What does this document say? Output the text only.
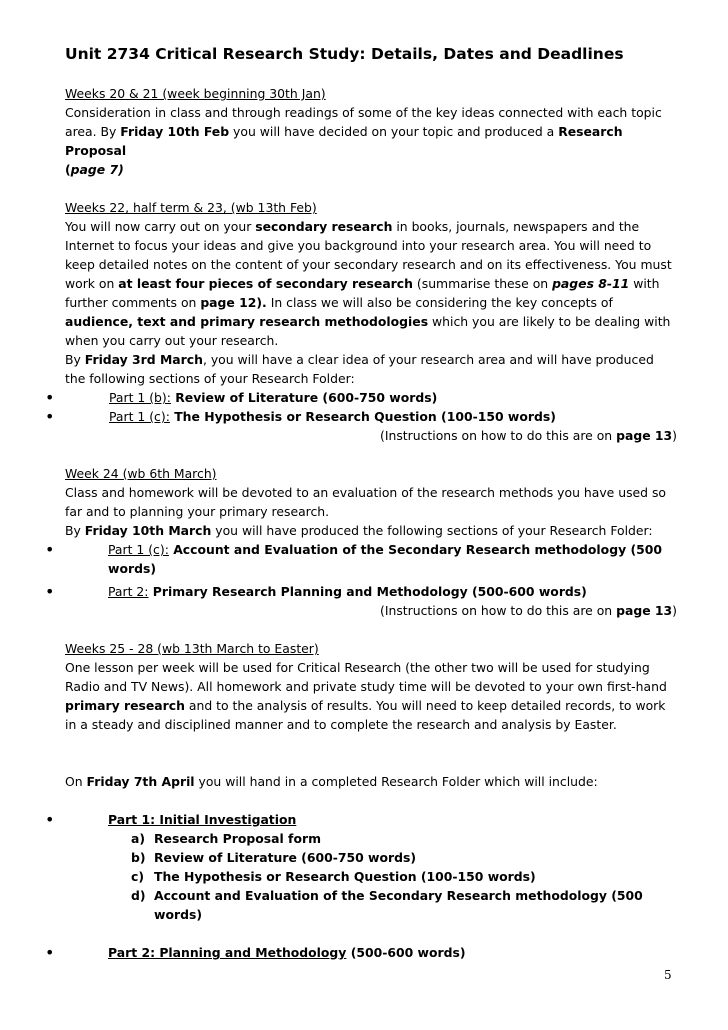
Unit 2734 Critical Research Study: Details, Dates and Deadlines

Weeks 20 & 21 (week beginning 30th Jan)

Consideration in class and through readings of some of the key ideas connected with each topic area. By Friday 10th Feb you will have decided on your topic and produced a Research Proposal
(page 7)

Weeks 22, half term & 23, (wb 13th Feb)

You will now carry out on your secondary research in books, journals, newspapers and the Internet to focus your ideas and give you background into your research area. You will need to keep detailed notes on the content of your secondary research and on its effectiveness. You must work on at least four pieces of secondary research (summarise these on pages 8-11 with further comments on page 12). In class we will also be considering the key concepts of audience, text and primary research methodologies which you are likely to be dealing with when you carry out your research.

By Friday 3rd March, you will have a clear idea of your research area and will have produced the following sections of your Research Folder:

•	Part 1 (b): Review of Literature (600-750 words)
•	Part 1 (c): The Hypothesis or Research Question (100-150 words)

(Instructions on how to do this are on page 13)

Week 24 (wb 6th March)

Class and homework will be devoted to an evaluation of the research methods you have used so far and to planning your primary research.

By Friday 10th March you will have produced the following sections of your Research Folder:

•	Part 1 (c): Account and Evaluation of the Secondary Research methodology (500 words)
•	Part 2: Primary Research Planning and Methodology (500-600 words)

(Instructions on how to do this are on page 13)

Weeks 25 - 28 (wb 13th March to Easter)

One lesson per week will be used for Critical Research (the other two will be used for studying Radio and TV News). All homework and private study time will be devoted to your own first-hand primary research and to the analysis of results. You will need to keep detailed records, to work in a steady and disciplined manner and to complete the research and analysis by Easter.

On Friday 7th April you will hand in a completed Research Folder which will include:

•	Part 1: Initial Investigation
a) Research Proposal form
b) Review of Literature (600-750 words)
c) The Hypothesis or Research Question (100-150 words)
d) Account and Evaluation of the Secondary Research methodology (500 words)
•	Part 2: Planning and Methodology (500-600 words)
5
